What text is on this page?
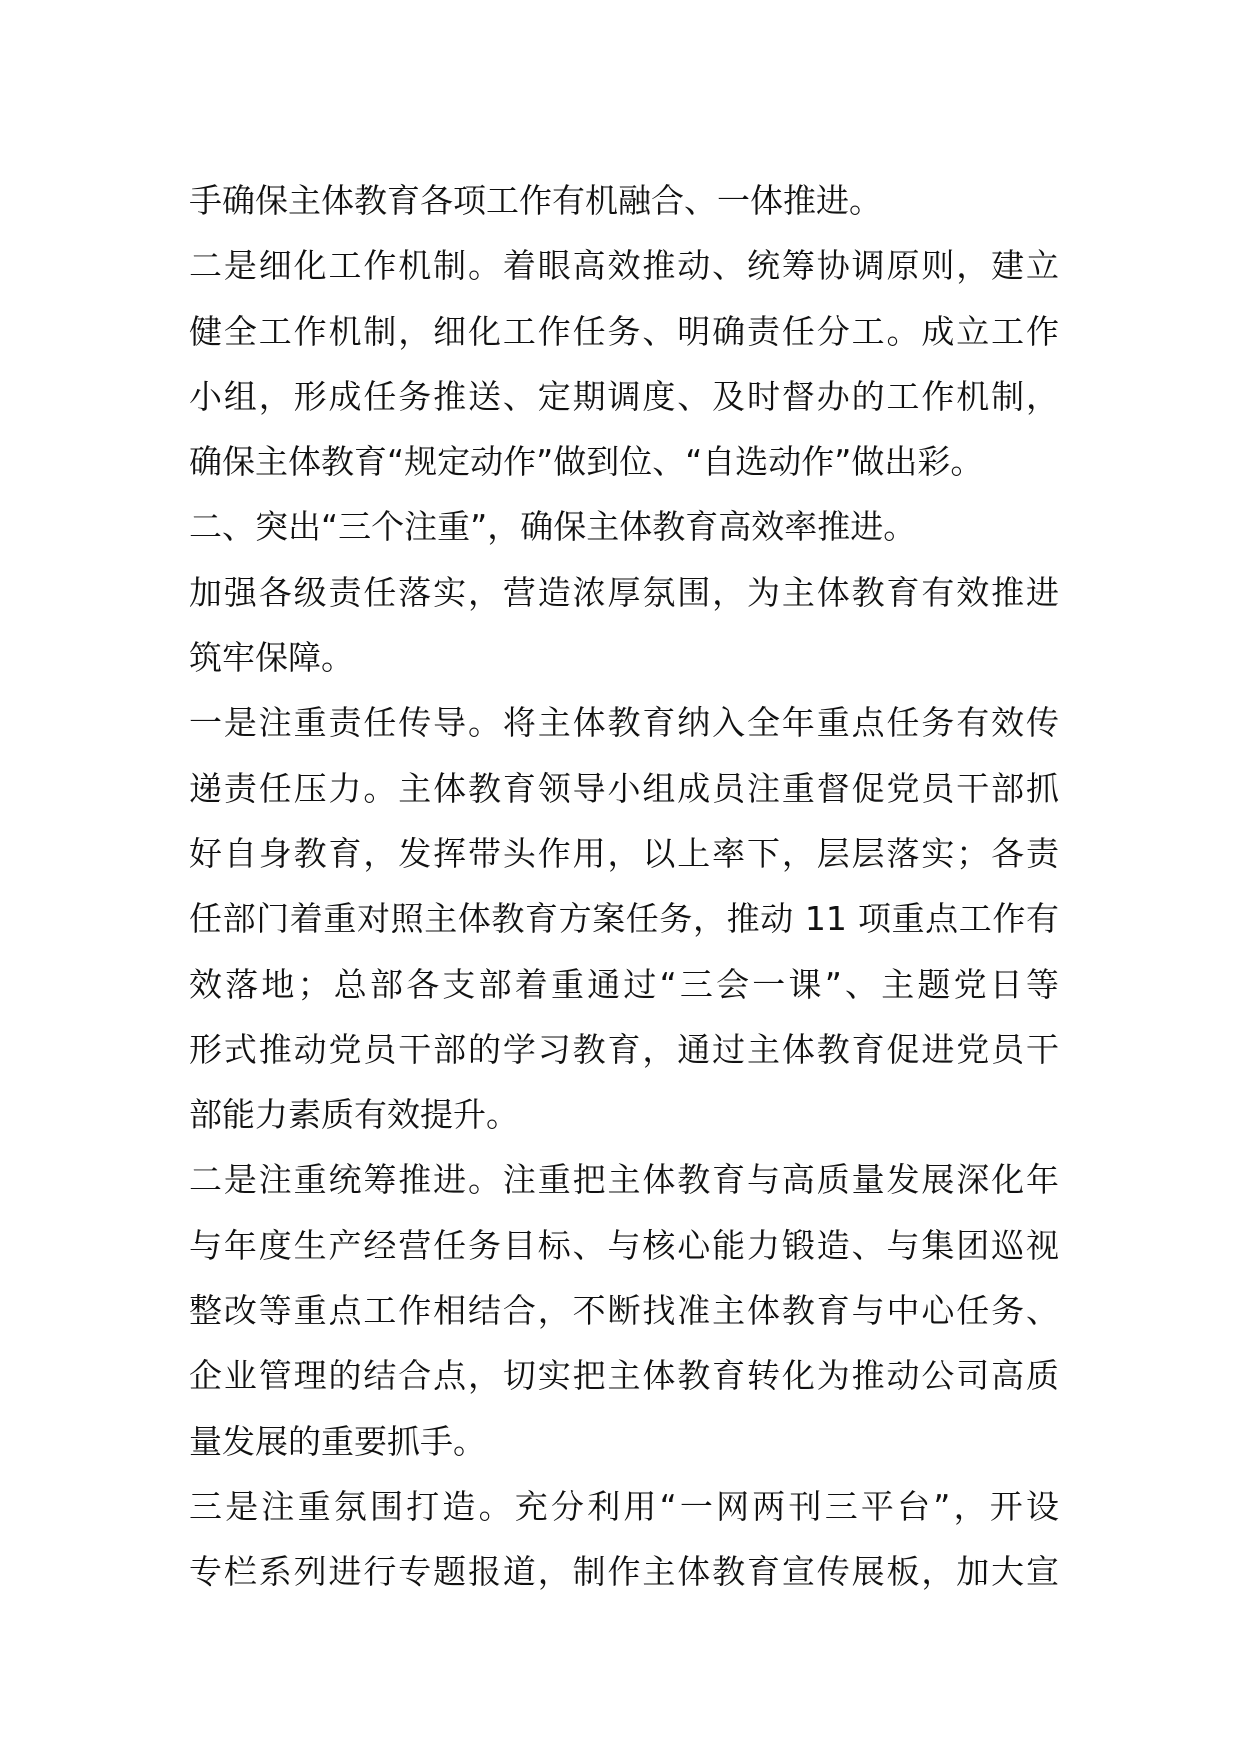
手确保主体教育各项工作有机融合、一体推进。
二是细化工作机制。着眼高效推动、统筹协调原则，建立
健全工作机制，细化工作任务、明确责任分工。成立工作
小组，形成任务推送、定期调度、及时督办的工作机制，
确保主体教育“规定动作”做到位、“自选动作”做出彩。
二、突出“三个注重”，确保主体教育高效率推进。
加强各级责任落实，营造浓厚氛围，为主体教育有效推进
筑牢保障。
一是注重责任传导。将主体教育纳入全年重点任务有效传
递责任压力。主体教育领导小组成员注重督促党员干部抓
好自身教育，发挥带头作用，以上率下，层层落实；各责
任部门着重对照主体教育方案任务，推动 11 项重点工作有
效落地；总部各支部着重通过“三会一课”、主题党日等
形式推动党员干部的学习教育，通过主体教育促进党员干
部能力素质有效提升。
二是注重统筹推进。注重把主体教育与高质量发展深化年
与年度生产经营任务目标、与核心能力锻造、与集团巡视
整改等重点工作相结合，不断找准主体教育与中心任务、
企业管理的结合点，切实把主体教育转化为推动公司高质
量发展的重要抓手。
三是注重氛围打造。充分利用“一网两刊三平台”，开设
专栏系列进行专题报道，制作主体教育宣传展板，加大宣
